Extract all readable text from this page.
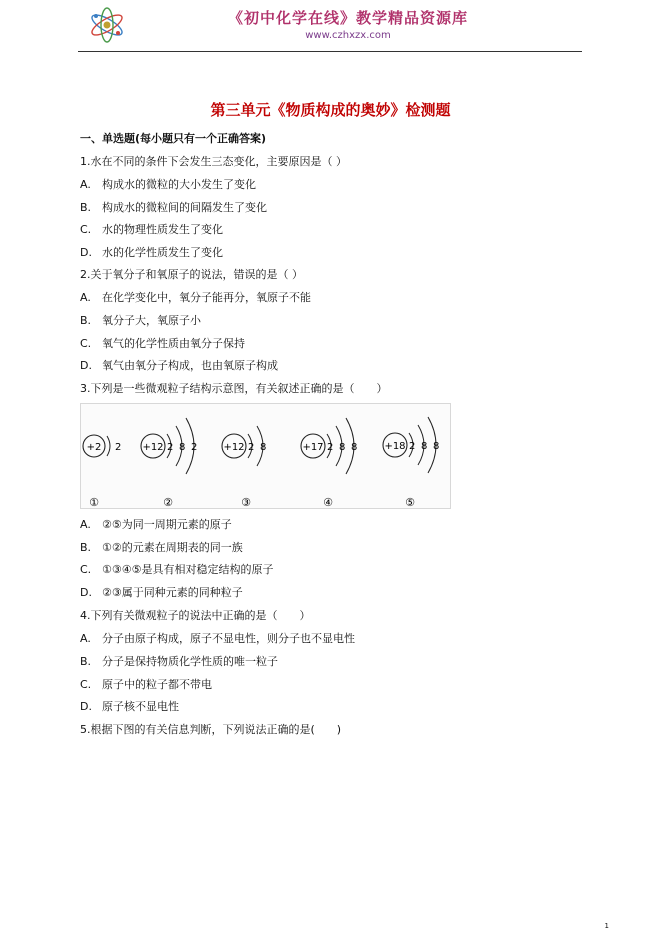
《初中化学在线》教学精品资源库
www.czhxzx.com
第三单元《物质构成的奥妙》检测题
一、单选题(每小题只有一个正确答案)
1.水在不同的条件下会发生三态变化，主要原因是（ ）
A. 构成水的微粒的大小发生了变化
B. 构成水的微粒间的间隔发生了变化
C. 水的物理性质发生了变化
D. 水的化学性质发生了变化
2.关于氧分子和氧原子的说法，错误的是（ ）
A. 在化学变化中，氧分子能再分，氧原子不能
B. 氧分子大，氧原子小
C. 氧气的化学性质由氧分子保持
D. 氧气由氧分子构成，也由氧原子构成
3.下列是一些微观粒子结构示意图，有关叙述正确的是（　　）
+2 2
①
+12 2 8 2
②
+12 2 8
③
+17 2 8 8
④
+18 2 8 8
⑤
A. ②⑤为同一周期元素的原子
B. ①②的元素在周期表的同一族
C. ①③④⑤是具有相对稳定结构的原子
D. ②③属于同种元素的同种粒子
4.下列有关微观粒子的说法中正确的是（　　）
A. 分子由原子构成，原子不显电性，则分子也不显电性
B. 分子是保持物质化学性质的唯一粒子
C. 原子中的粒子都不带电
D. 原子核不显电性
5.根据下图的有关信息判断，下列说法正确的是(　　)
1
